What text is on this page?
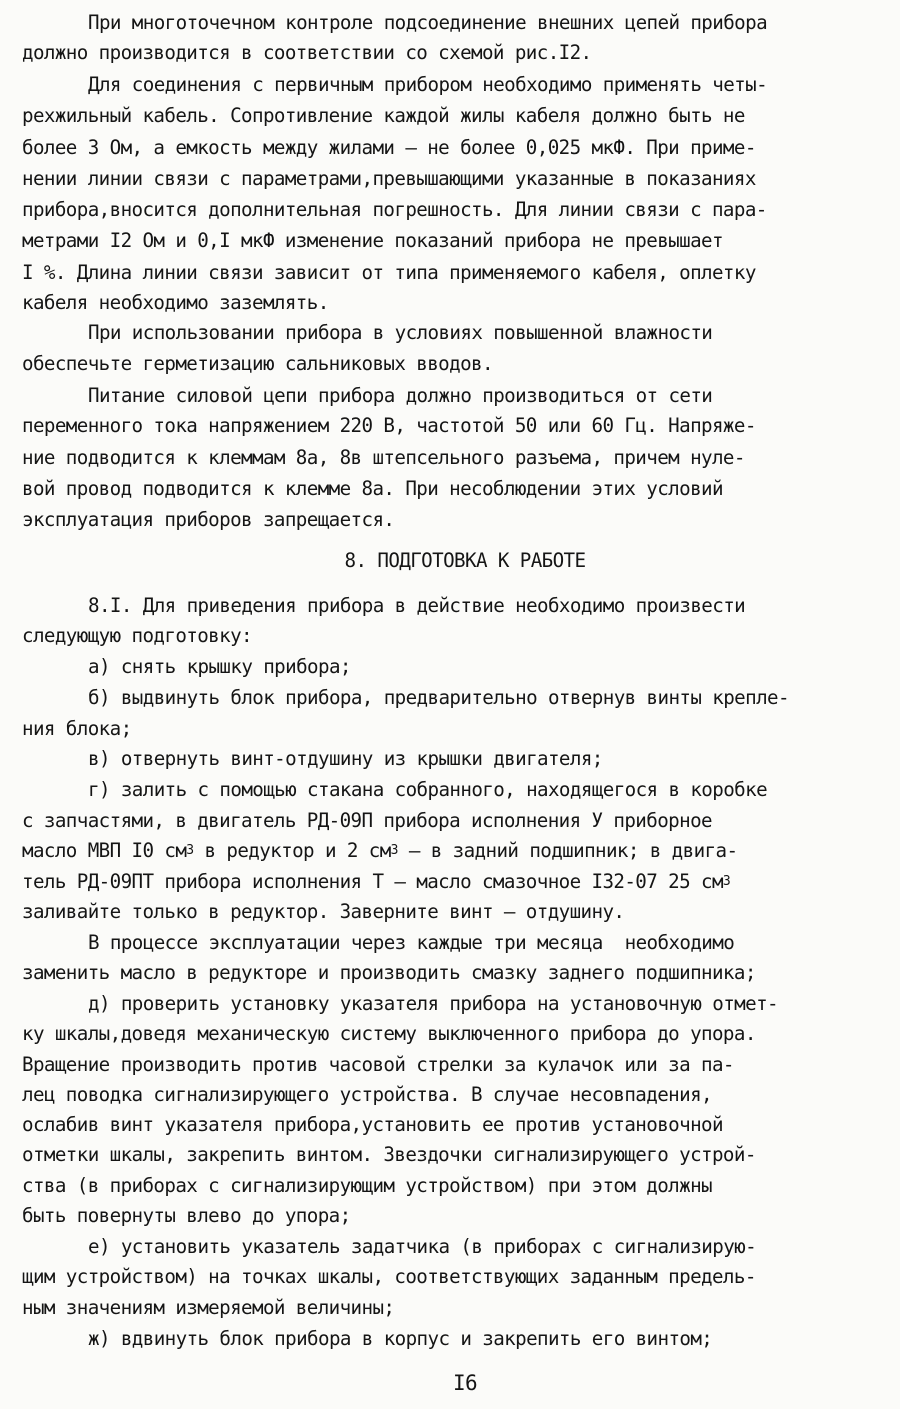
При многоточечном контроле подсоединение внешних цепей прибора
должно производится в соответствии со схемой рис.I2.
Для соединения с первичным прибором необходимо применять четы-
рехжильный кабель. Сопротивление каждой жилы кабеля должно быть не
более 3 Ом, а емкость между жилами – не более 0,025 мкФ. При приме-
нении линии связи с параметрами,превышающими указанные в показаниях
прибора,вносится дополнительная погрешность. Для линии связи с пара-
метрами I2 Ом и 0,I мкФ изменение показаний прибора не превышает
I %. Длина линии связи зависит от типа применяемого кабеля, оплетку
кабеля необходимо заземлять.
При использовании прибора в условиях повышенной влажности
обеспечьте герметизацию сальниковых вводов.
Питание силовой цепи прибора должно производиться от сети
переменного тока напряжением 220 В, частотой 50 или 60 Гц. Напряже-
ние подводится к клеммам 8а, 8в штепсельного разъема, причем нуле-
вой провод подводится к клемме 8а. При несоблюдении этих условий
эксплуатация приборов запрещается.
8.I. Для приведения прибора в действие необходимо произвести
следующую подготовку:
а) снять крышку прибора;
б) выдвинуть блок прибора, предварительно отвернув винты крепле-
ния блока;
в) отвернуть винт-отдушину из крышки двигателя;
г) залить с помощью стакана собранного, находящегося в коробке
с запчастями, в двигатель РД-09П прибора исполнения У приборное
масло МВП I0 $см^3$ в редуктор и 2 $см^3$ – в задний подшипник; в двига-
тель РД-09ПТ прибора исполнения Т – масло смазочное I32-07 25 $см^3$
заливайте только в редуктор. Заверните винт – отдушину.
В процессе эксплуатации через каждые три месяца  необходимо
заменить масло в редукторе и производить смазку заднего подшипника;
д) проверить установку указателя прибора на установочную отмет-
ку шкалы,доведя механическую систему выключенного прибора до упора.
Вращение производить против часовой стрелки за кулачок или за па-
лец поводка сигнализирующего устройства. В случае несовпадения,
ослабив винт указателя прибора,установить ее против установочной
отметки шкалы, закрепить винтом. Звездочки сигнализирующего устрой-
ства (в приборах с сигнализирующим устройством) при этом должны
быть повернуты влево до упора;
е) установить указатель задатчика (в приборах с сигнализирую-
щим устройством) на точках шкалы, соответствующих заданным предель-
ным значениям измеряемой величины;
ж) вдвинуть блок прибора в корпус и закрепить его винтом;
8. ПОДГОТОВКА К РАБОТЕ
I6
